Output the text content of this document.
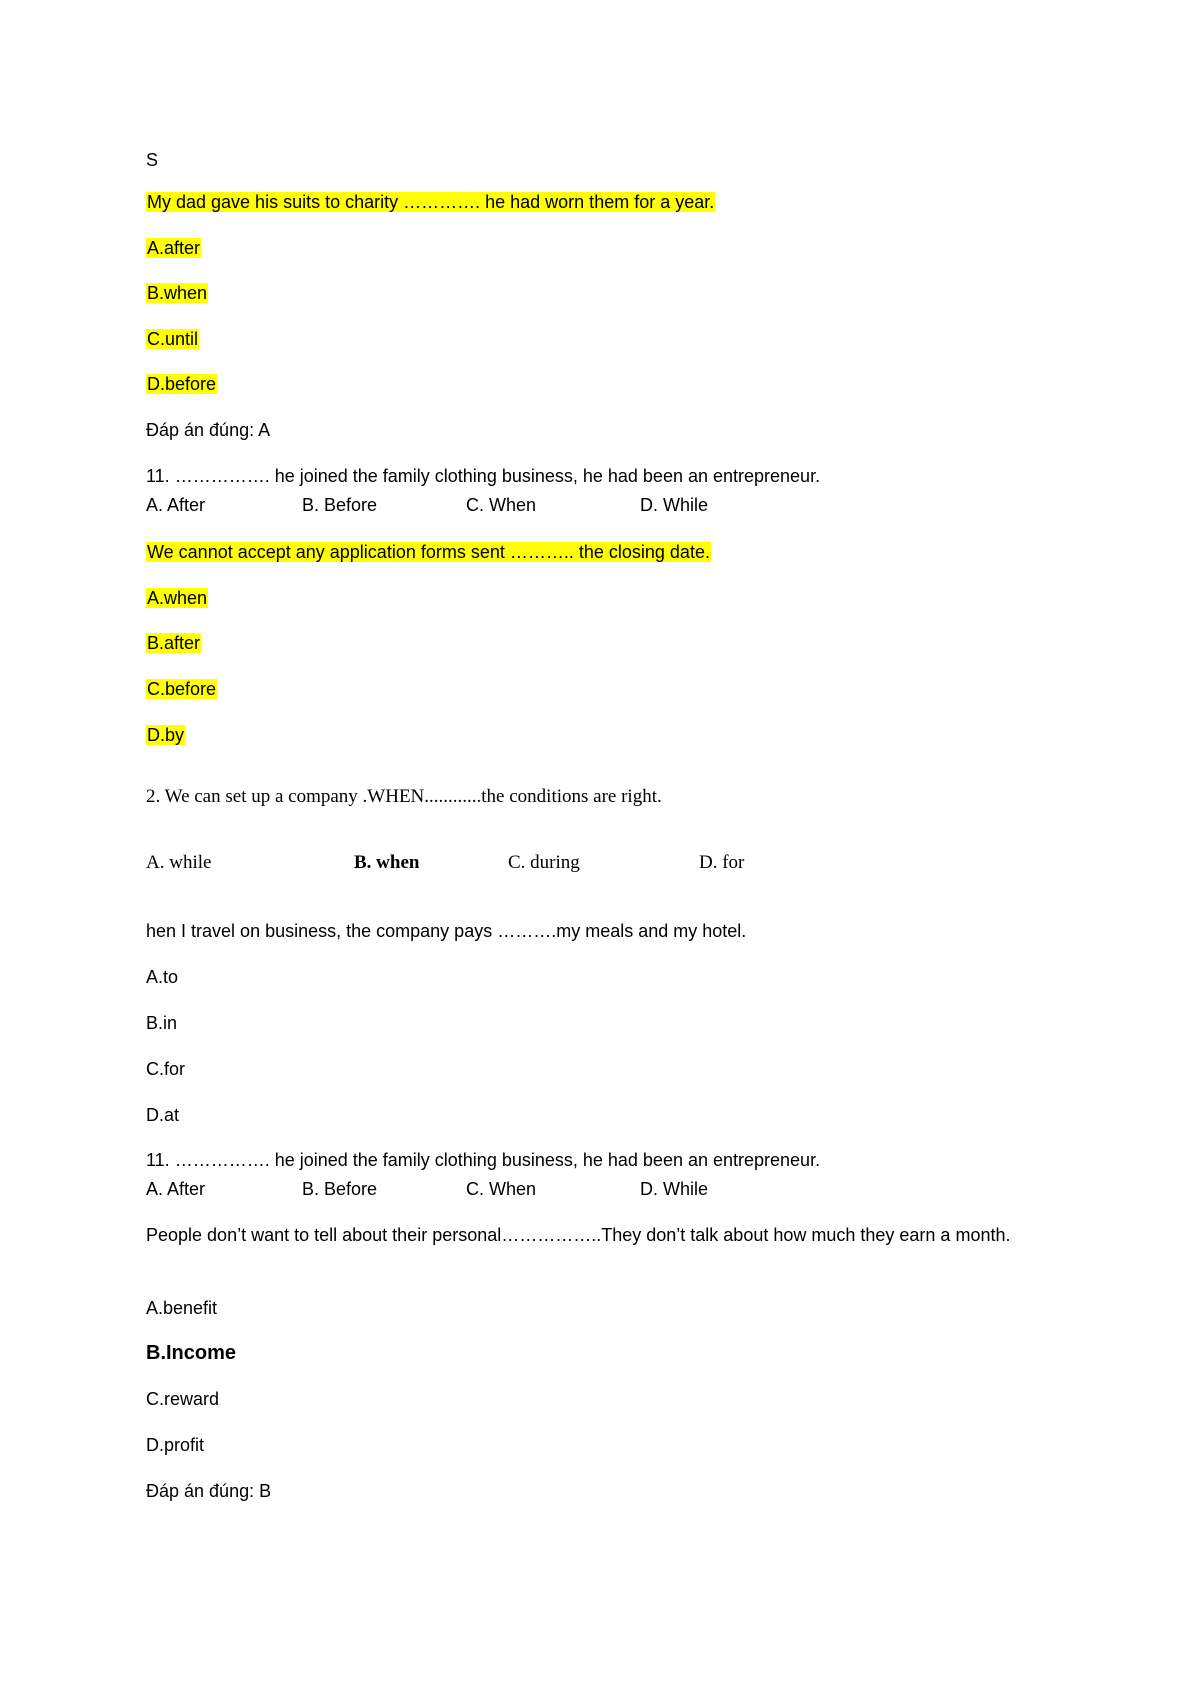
S
My dad gave his suits to charity …………. he had worn them for a year.
A.after
B.when
C.until
D.before
Đáp án đúng: A
11. ……………. he joined the family clothing business, he had been an entrepreneur.
A. After	B. Before	C. When	D. While
We cannot accept any application forms sent ……….. the closing date.
A.when
B.after
C.before
D.by
2. We can set up a company .WHEN............the conditions are right.
A. while	B. when	C. during	D. for
hen I travel on business, the company pays ……….my meals and my hotel.
A.to
B.in
C.for
D.at
11. ……………. he joined the family clothing business, he had been an entrepreneur.
A. After	B. Before	C. When	D. While
People don’t want to tell about their personal……………..They don’t talk about how much they earn a month.
A.benefit
B.Income
C.reward
D.profit
Đáp án đúng: B
